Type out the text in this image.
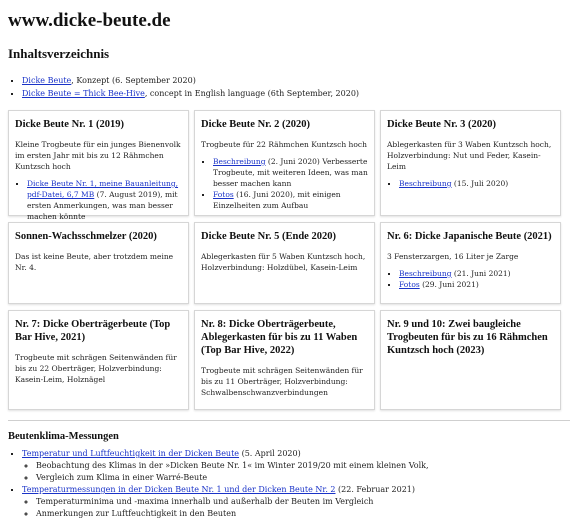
www.dicke-beute.de
Inhaltsverzeichnis
▪ Dicke Beute, Konzept (6. September 2020)
▪ Dicke Beute = Thick Bee-Hive, concept in English language (6th September, 2020)
Dicke Beute Nr. 1 (2019)

Kleine Trogbeute für ein junges Bienenvolk im ersten Jahr mit bis zu 12 Rähmchen Kuntzsch hoch

▪ Dicke Beute Nr. 1, meine Bauanleitung, pdf-Datei, 6,7 MB (7. August 2019), mit ersten Anmerkungen, was man besser machen könnte
Dicke Beute Nr. 2 (2020)

Trogbeute für 22 Rähmchen Kuntzsch hoch

▪ Beschreibung (2. Juni 2020) Verbesserte Trogbeute, mit weiteren Ideen, was man besser machen kann
▪ Fotos (16. Juni 2020), mit einigen Einzelheiten zum Aufbau
Dicke Beute Nr. 3 (2020)

Ablegerkasten für 3 Waben Kuntzsch hoch, Holzverbindung: Nut und Feder, Kasein-Leim

▪ Beschreibung (15. Juli 2020)
Sonnen-Wachsschmelzer (2020)

Das ist keine Beute, aber trotzdem meine Nr. 4.

Dicke Beute Nr. 5 (Ende 2020)

Ablegerkasten für 5 Waben Kuntzsch hoch, Holzverbindung: Holzdübel, Kasein-Leim

Nr. 6: Dicke Japanische Beute (2021)

3 Fensterzargen, 16 Liter je Zarge

▪ Beschreibung (21. Juni 2021)
▪ Fotos (29. Juni 2021)
Nr. 7: Dicke Oberträgerbeute (Top Bar Hive, 2021)

Trogbeute mit schrägen Seitenwänden für bis zu 22 Oberträger, Holzverbindung: Kasein-Leim, Holznägel

Nr. 8: Dicke Oberträgerbeute, Ablegerkasten für bis zu 11 Waben (Top Bar Hive, 2022)

Trogbeute mit schrägen Seitenwänden für bis zu 11 Oberträger, Holzverbindung: Schwalbenschwanzverbindungen

Nr. 9 und 10: Zwei baugleiche Trogbeuten für bis zu 16 Rähmchen Kuntzsch hoch (2023)
Beutenklima-Messungen
▪ Temperatur und Luftfeuchtigkeit in der Dicken Beute (5. April 2020)
◦ Beobachtung des Klimas in der »Dicken Beute Nr. 1« im Winter 2019/20 mit einem kleinen Volk,
◦ Vergleich zum Klima in einer Warré-Beute
▪ Temperaturmessungen in der Dicken Beute Nr. 1 und der Dicken Beute Nr. 2 (22. Februar 2021)
◦ Temperaturminima und -maxima innerhalb und außerhalb der Beuten im Vergleich
◦ Anmerkungen zur Luftfeuchtigkeit in den Beuten
